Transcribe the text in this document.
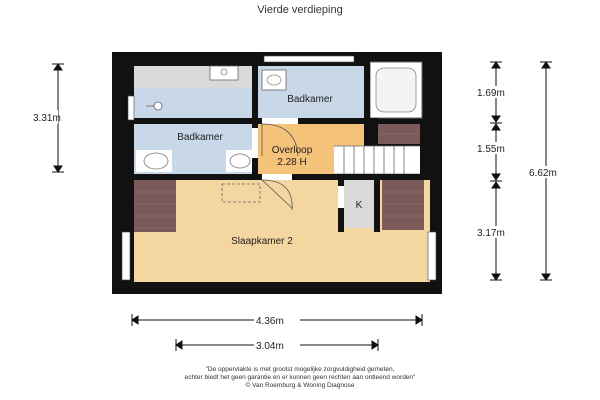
Vierde verdieping
Badkamer
Badkamer
Overloop
2.28 H
Slaapkamer 2
K
3.31m
1.69m
1.55m
3.17m
6.62m
4.36m
3.04m
"De oppervlakte is met grootst mogelijke zorgvuldigheid gemeten,
echter biedt het geen garantie en er kunnen geen rechten aan ontleend worden"
© Van Roemburg & Woning Diagnose
